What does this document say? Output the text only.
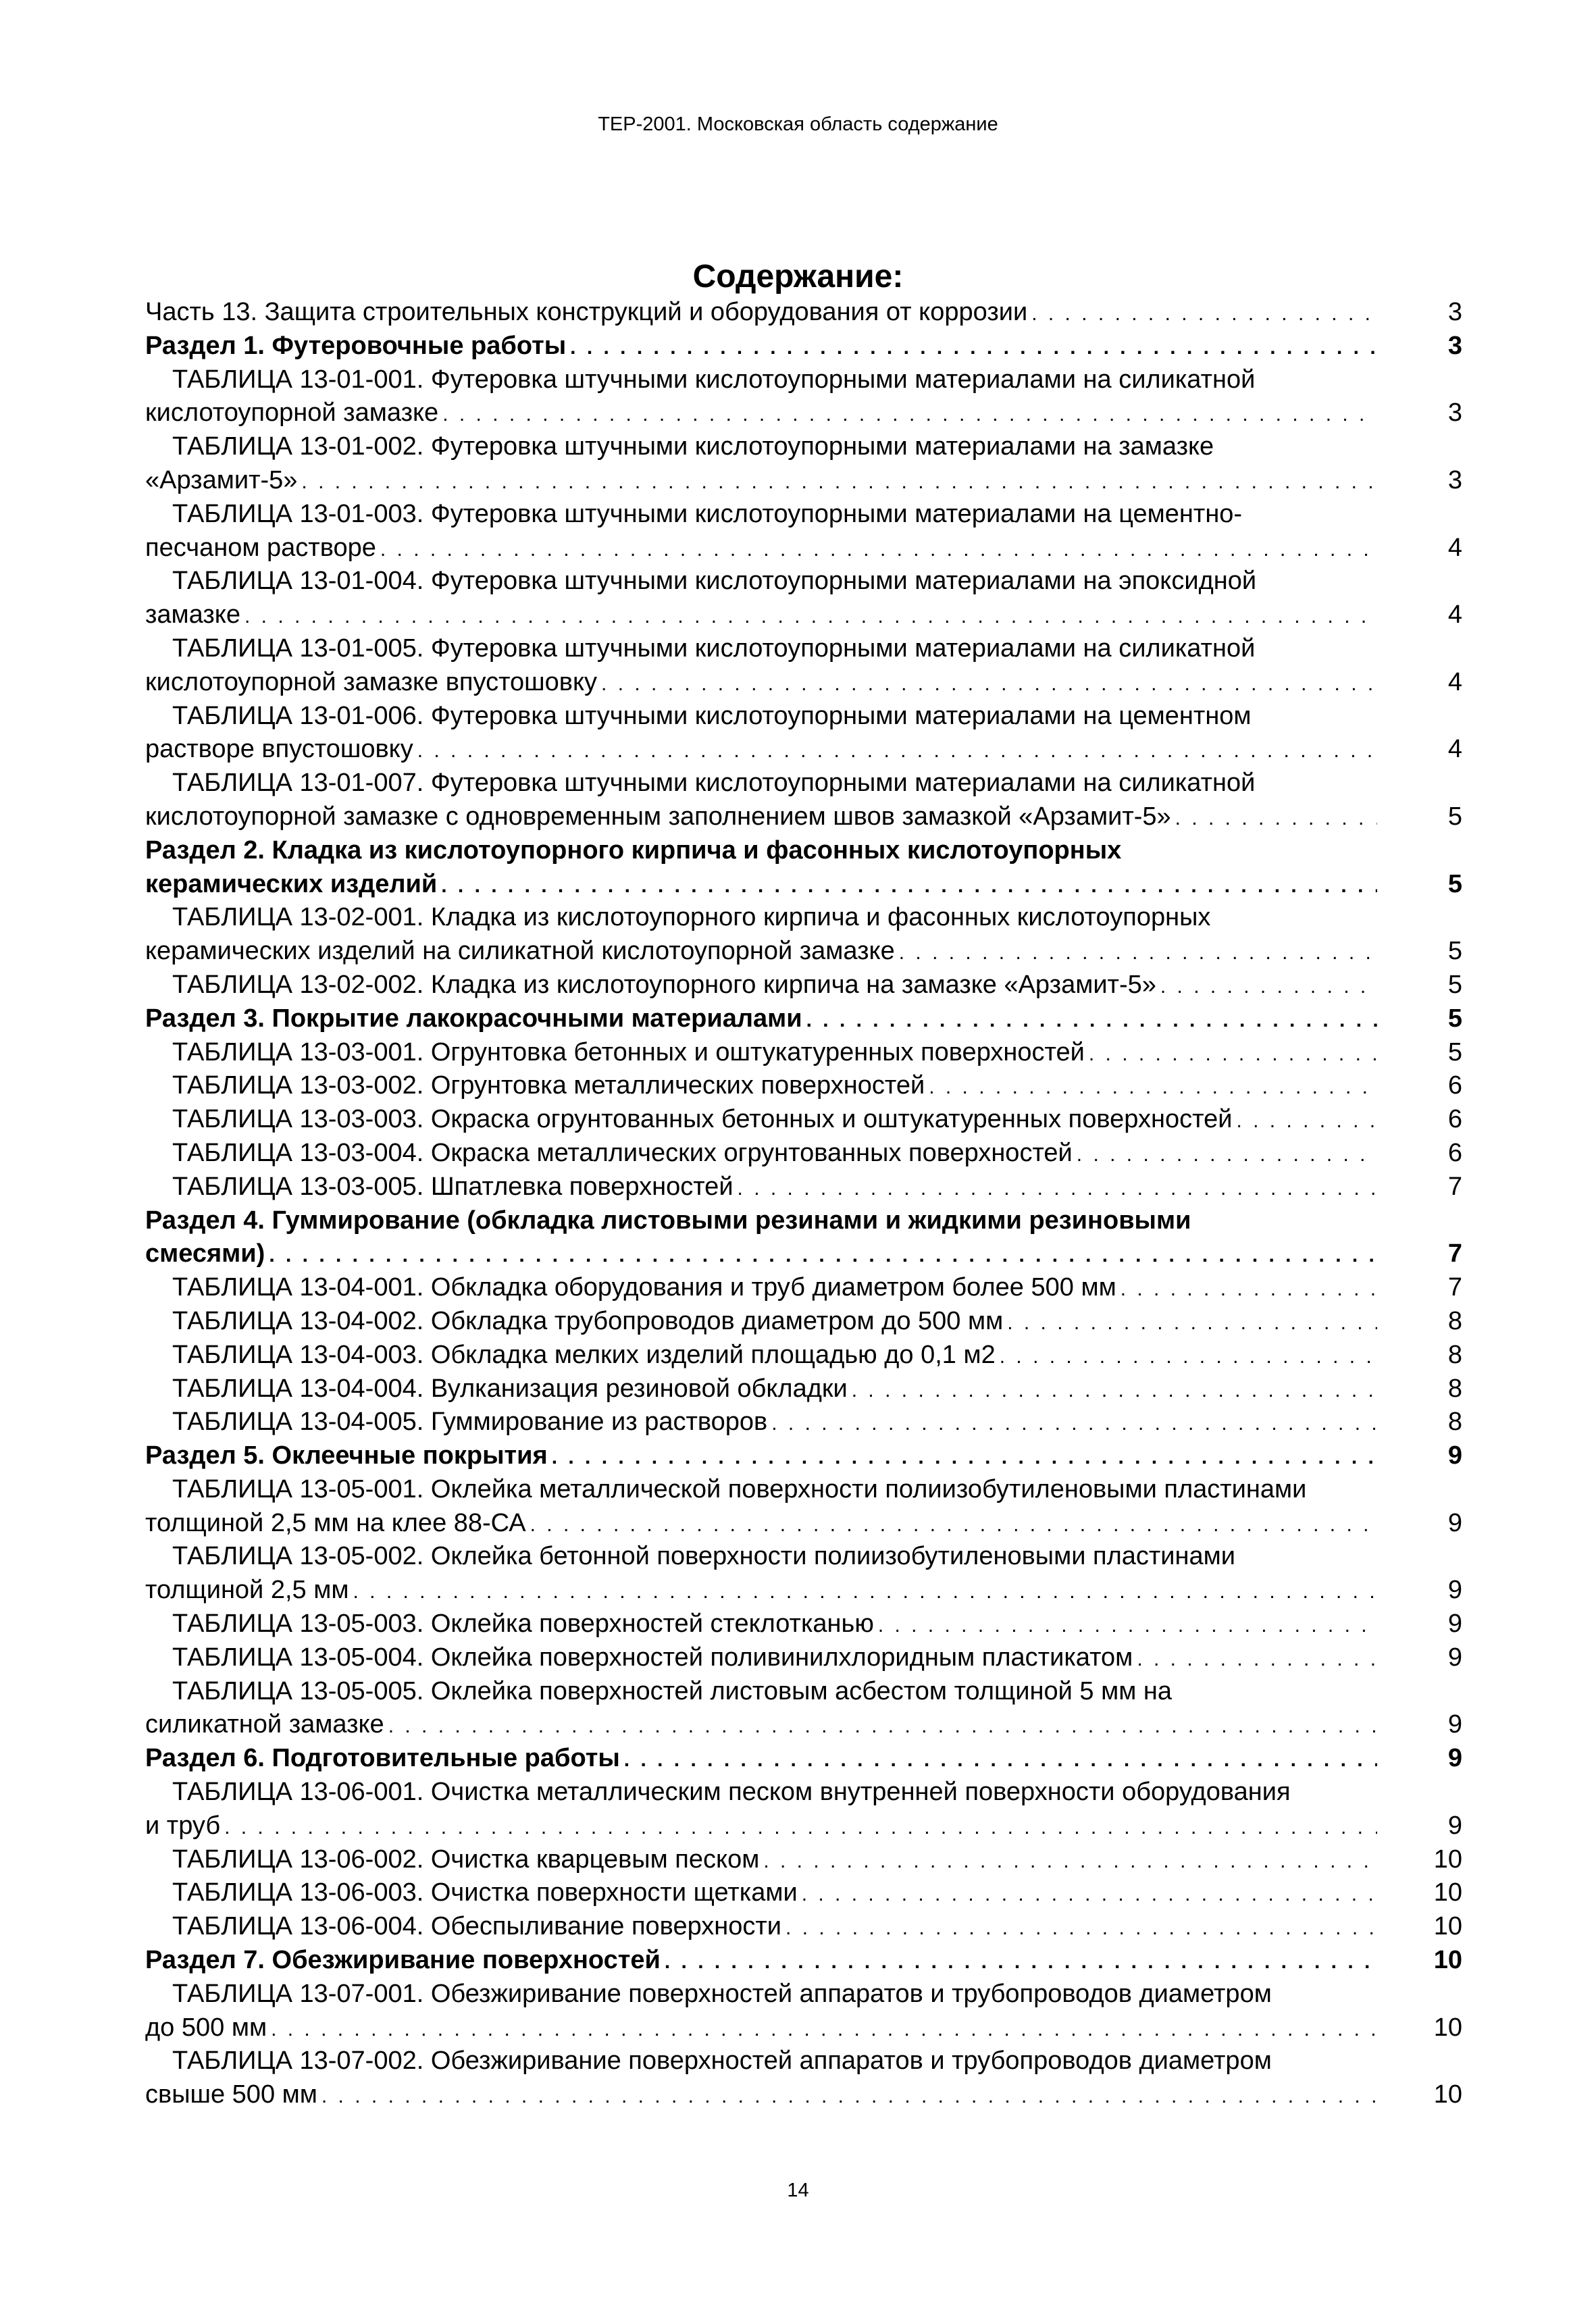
ТЕР-2001. Московская область содержание
Содержание:
Часть 13. Защита строительных конструкций и оборудования от коррозии . . .	3
Раздел 1. Футеровочные работы . . .	3
ТАБЛИЦА 13-01-001. Футеровка штучными кислотоупорными материалами на силикатной
кислотоупорной замазке . . .	3
ТАБЛИЦА 13-01-002. Футеровка штучными кислотоупорными материалами на замазке
«Арзамит-5» . . .	3
ТАБЛИЦА 13-01-003. Футеровка штучными кислотоупорными материалами на цементно-
песчаном растворе . . .	4
ТАБЛИЦА 13-01-004. Футеровка штучными кислотоупорными материалами на эпоксидной
замазке . . .	4
ТАБЛИЦА 13-01-005. Футеровка штучными кислотоупорными материалами на силикатной
кислотоупорной замазке впустошовку . . .	4
ТАБЛИЦА 13-01-006. Футеровка штучными кислотоупорными материалами на цементном
растворе впустошовку . . .	4
ТАБЛИЦА 13-01-007. Футеровка штучными кислотоупорными материалами на силикатной
кислотоупорной замазке с одновременным заполнением швов замазкой «Арзамит-5» . . .	5
Раздел 2. Кладка из кислотоупорного кирпича и фасонных кислотоупорных
керамических изделий . . .	5
ТАБЛИЦА 13-02-001. Кладка из кислотоупорного кирпича и фасонных кислотоупорных
керамических изделий на силикатной кислотоупорной замазке . . .	5
ТАБЛИЦА 13-02-002. Кладка из кислотоупорного кирпича на замазке «Арзамит-5» . . .	5
Раздел 3. Покрытие лакокрасочными материалами . . .	5
ТАБЛИЦА 13-03-001. Огрунтовка бетонных и оштукатуренных поверхностей . . .	5
ТАБЛИЦА 13-03-002. Огрунтовка металлических поверхностей . . .	6
ТАБЛИЦА 13-03-003. Окраска огрунтованных бетонных и оштукатуренных поверхностей . . .	6
ТАБЛИЦА 13-03-004. Окраска металлических огрунтованных поверхностей . . .	6
ТАБЛИЦА 13-03-005. Шпатлевка поверхностей . . .	7
Раздел 4. Гуммирование (обкладка листовыми резинами и жидкими резиновыми
смесями) . . .	7
ТАБЛИЦА 13-04-001. Обкладка оборудования и труб диаметром более 500 мм . . .	7
ТАБЛИЦА 13-04-002. Обкладка трубопроводов диаметром до 500 мм . . .	8
ТАБЛИЦА 13-04-003. Обкладка мелких изделий площадью до 0,1 м2 . . .	8
ТАБЛИЦА 13-04-004. Вулканизация резиновой обкладки . . .	8
ТАБЛИЦА 13-04-005. Гуммирование из растворов . . .	8
Раздел 5. Оклеечные покрытия . . .	9
ТАБЛИЦА 13-05-001. Оклейка металлической поверхности полиизобутиленовыми пластинами
толщиной 2,5 мм на клее 88-СА . . .	9
ТАБЛИЦА 13-05-002. Оклейка бетонной поверхности полиизобутиленовыми пластинами
толщиной 2,5 мм . . .	9
ТАБЛИЦА 13-05-003. Оклейка поверхностей стеклотканью . . .	9
ТАБЛИЦА 13-05-004. Оклейка поверхностей поливинилхлоридным пластикатом . . .	9
ТАБЛИЦА 13-05-005. Оклейка поверхностей листовым асбестом толщиной 5 мм на
силикатной замазке . . .	9
Раздел 6. Подготовительные работы . . .	9
ТАБЛИЦА 13-06-001. Очистка металлическим песком внутренней поверхности оборудования
и труб . . .	9
ТАБЛИЦА 13-06-002. Очистка кварцевым песком . . .	10
ТАБЛИЦА 13-06-003. Очистка поверхности щетками . . .	10
ТАБЛИЦА 13-06-004. Обеспыливание поверхности . . .	10
Раздел 7. Обезжиривание поверхностей . . .	10
ТАБЛИЦА 13-07-001. Обезжиривание поверхностей аппаратов и трубопроводов диаметром
до 500 мм . . .	10
ТАБЛИЦА 13-07-002. Обезжиривание поверхностей аппаратов и трубопроводов диаметром
свыше 500 мм . . .	10
14
